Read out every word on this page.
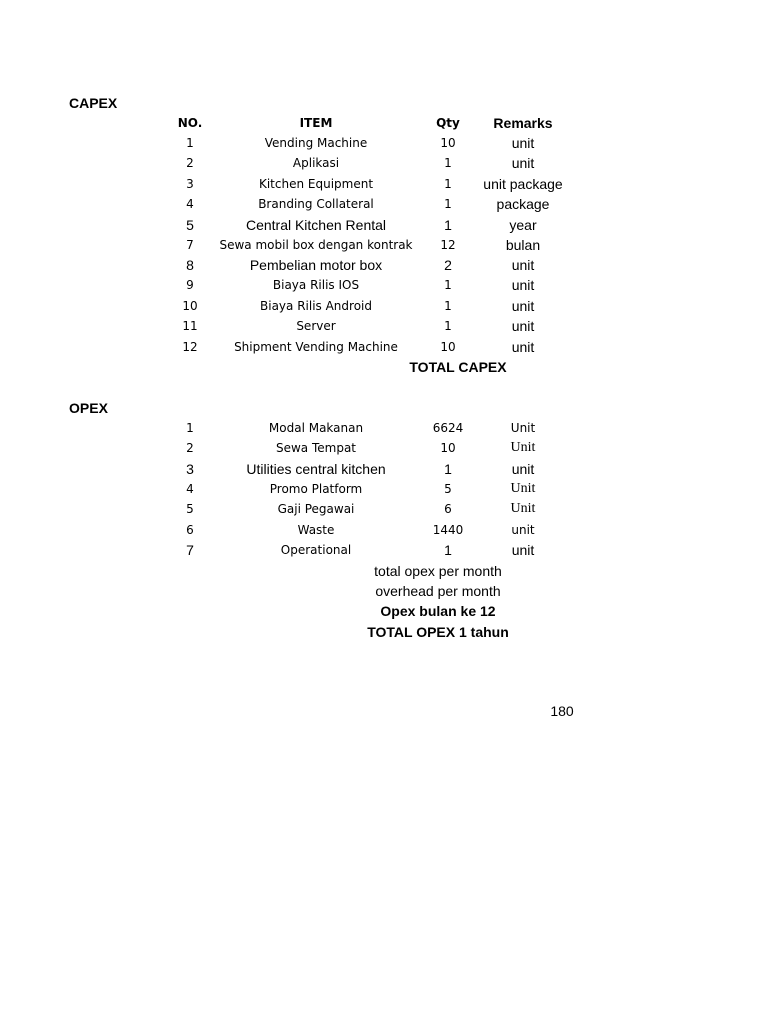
CAPEX
NO.	ITEM	Qty	Remarks
1	Vending Machine	10	unit
2	Aplikasi	1	unit
3	Kitchen Equipment	1	unit package
4	Branding Collateral	1	package
5	Central Kitchen Rental	1	year
7	Sewa mobil box dengan kontrak	12	bulan
8	Pembelian motor box	2	unit
9	Biaya Rilis IOS	1	unit
10	Biaya Rilis Android	1	unit
11	Server	1	unit
12	Shipment Vending Machine	10	unit
TOTAL CAPEX
OPEX
1	Modal Makanan	6624	Unit
2	Sewa Tempat	10	Unit
3	Utilities central kitchen	1	unit
4	Promo Platform	5	Unit
5	Gaji Pegawai	6	Unit
6	Waste	1440	unit
7	Operational	1	unit
total opex per month
overhead per month
Opex bulan ke 12
TOTAL OPEX 1 tahun
180
